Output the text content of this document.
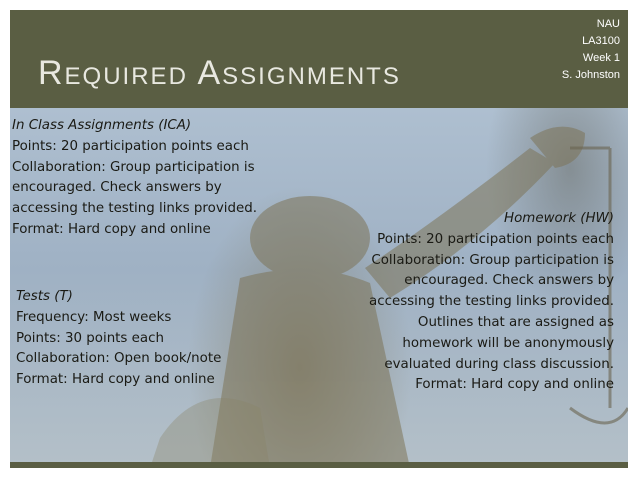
Required Assignments
NAU
LA3100
Week 1
S. Johnston
In Class Assignments (ICA)
Points: 20 participation points each
Collaboration: Group participation is
encouraged. Check answers by
accessing the testing links provided.
Format: Hard copy and online
Homework (HW)
Points: 20 participation points each
Collaboration: Group participation is
encouraged. Check answers by
accessing the testing links provided.
Outlines that are assigned as
homework will be anonymously
evaluated during class discussion.
Format: Hard copy and online
Tests (T)
Frequency: Most weeks
Points: 30 points each
Collaboration: Open book/note
Format: Hard copy and online
